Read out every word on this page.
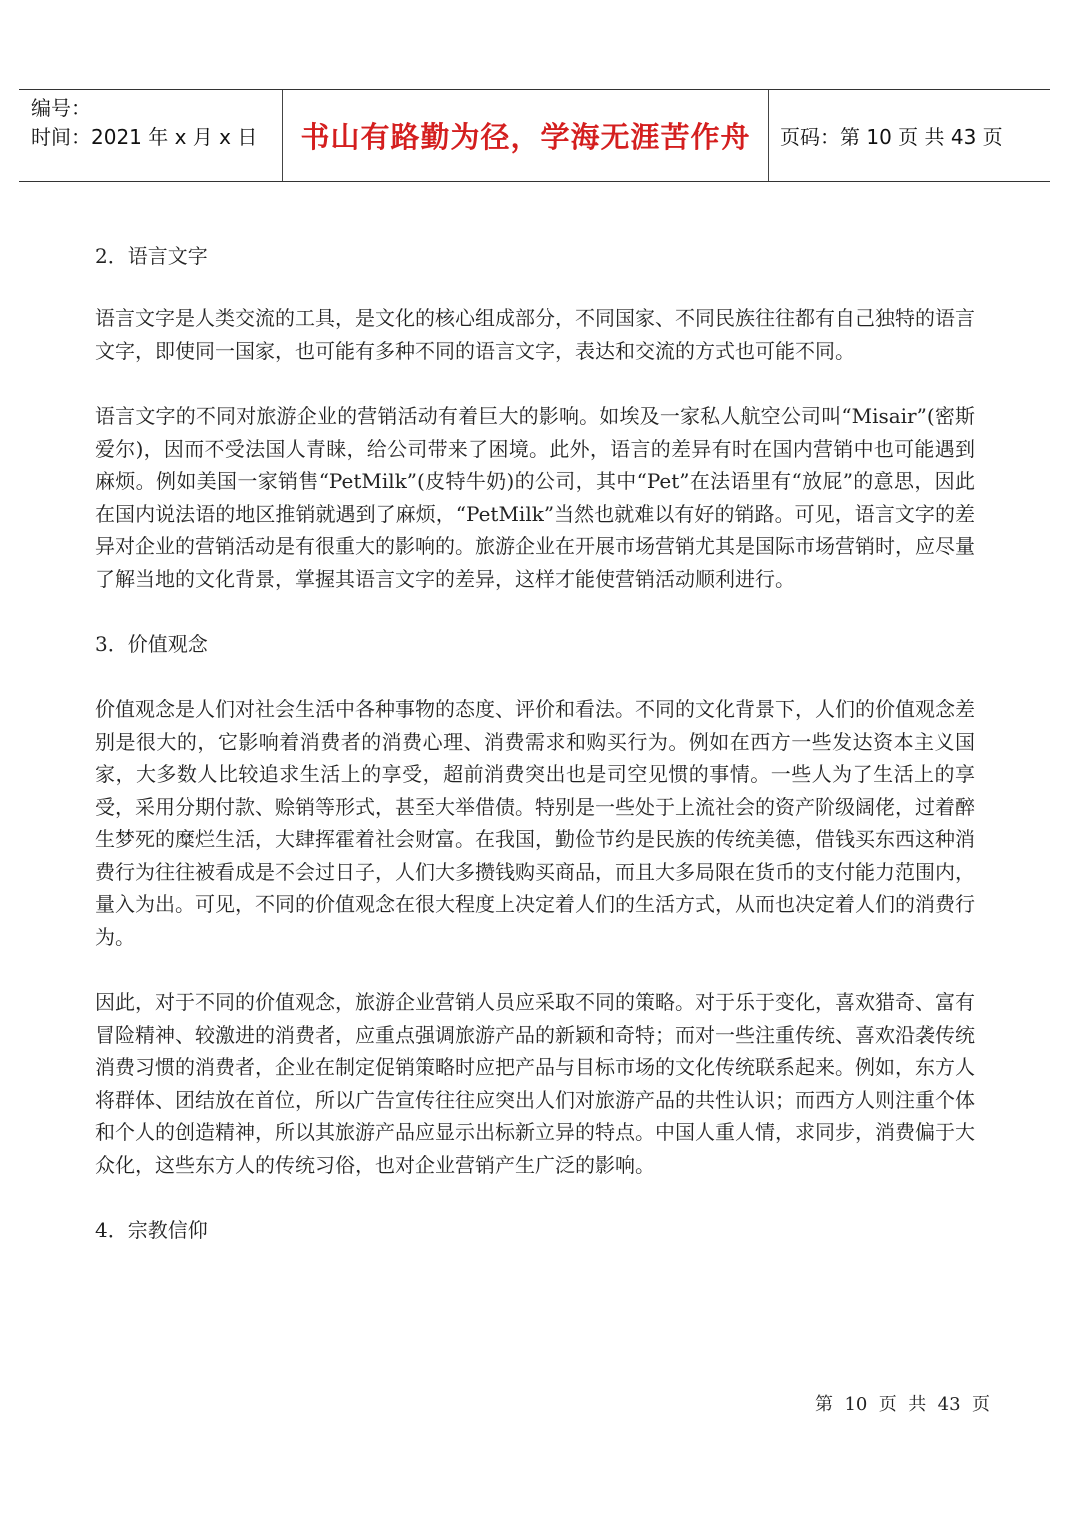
编号：
时间：2021 年 x 月 x 日	书山有路勤为径，学海无涯苦作舟 页码：第 10 页 共 43 页

2．语言文字

语言文字是人类交流的工具，是文化的核心组成部分，不同国家、不同民族往往都有自己独特的语言文字，即使同一国家，也可能有多种不同的语言文字，表达和交流的方式也可能不同。

语言文字的不同对旅游企业的营销活动有着巨大的影响。如埃及一家私人航空公司叫“Misair”(密斯爱尔)，因而不受法国人青睐，给公司带来了困境。此外，语言的差异有时在国内营销中也可能遇到麻烦。例如美国一家销售“PetMilk”(皮特牛奶)的公司，其中“Pet”在法语里有“放屁”的意思，因此在国内说法语的地区推销就遇到了麻烦，“PetMilk”当然也就难以有好的销路。可见，语言文字的差异对企业的营销活动是有很重大的影响的。旅游企业在开展市场营销尤其是国际市场营销时，应尽量了解当地的文化背景，掌握其语言文字的差异，这样才能使营销活动顺利进行。

3．价值观念

价值观念是人们对社会生活中各种事物的态度、评价和看法。不同的文化背景下，人们的价值观念差别是很大的，它影响着消费者的消费心理、消费需求和购买行为。例如在西方一些发达资本主义国家，大多数人比较追求生活上的享受，超前消费突出也是司空见惯的事情。一些人为了生活上的享受，采用分期付款、赊销等形式，甚至大举借债。特别是一些处于上流社会的资产阶级阔佬，过着醉生梦死的糜烂生活，大肆挥霍着社会财富。在我国，勤俭节约是民族的传统美德，借钱买东西这种消费行为往往被看成是不会过日子，人们大多攒钱购买商品，而且大多局限在货币的支付能力范围内，量入为出。可见，不同的价值观念在很大程度上决定着人们的生活方式，从而也决定着人们的消费行为。

因此，对于不同的价值观念，旅游企业营销人员应采取不同的策略。对于乐于变化，喜欢猎奇、富有冒险精神、较激进的消费者，应重点强调旅游产品的新颖和奇特；而对一些注重传统、喜欢沿袭传统消费习惯的消费者，企业在制定促销策略时应把产品与目标市场的文化传统联系起来。例如，东方人将群体、团结放在首位，所以广告宣传往往应突出人们对旅游产品的共性认识；而西方人则注重个体和个人的创造精神，所以其旅游产品应显示出标新立异的特点。中国人重人情，求同步，消费偏于大众化，这些东方人的传统习俗，也对企业营销产生广泛的影响。

4．宗教信仰

第  10  页  共  43  页
